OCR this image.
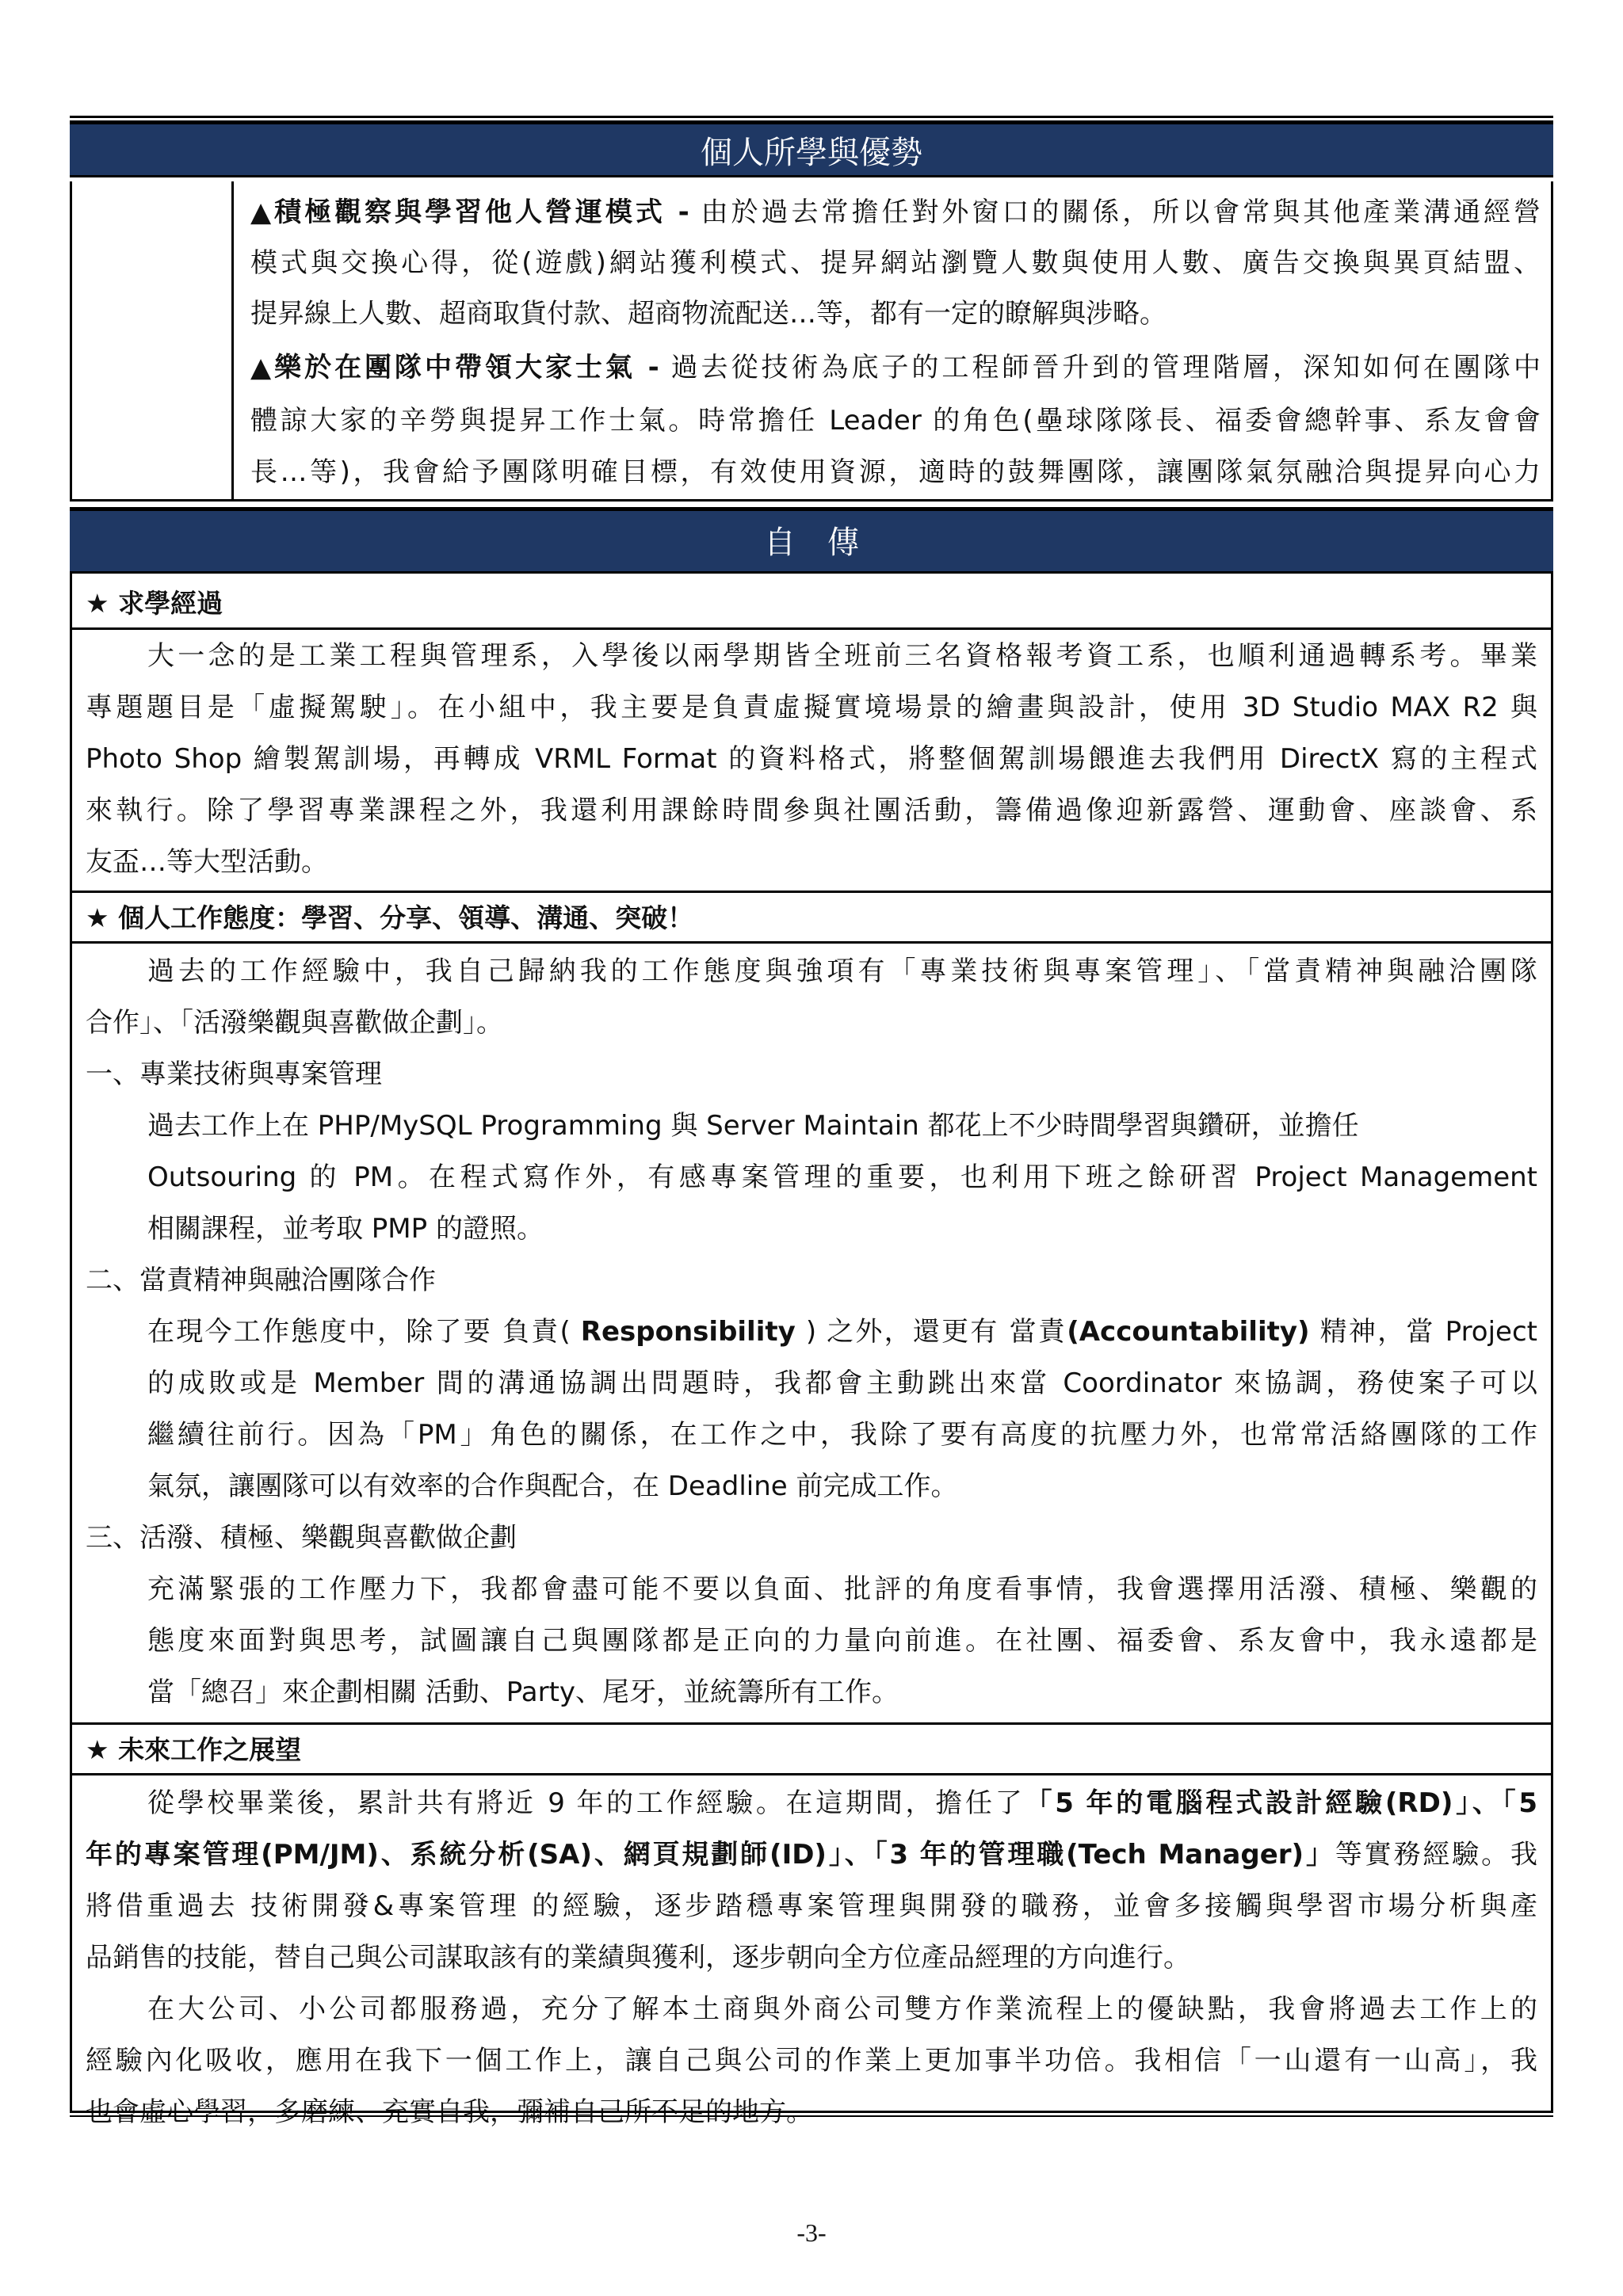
個人所學與優勢
▲積極觀察與學習他人營運模式 - 由於過去常擔任對外窗口的關係，所以會常與其他產業溝通經營
模式與交換心得，從(遊戲)網站獲利模式、提昇網站瀏覽人數與使用人數、廣告交換與異頁結盟、
提昇線上人數、超商取貨付款、超商物流配送…等，都有一定的瞭解與涉略。
▲樂於在團隊中帶領大家士氣 - 過去從技術為底子的工程師晉升到的管理階層，深知如何在團隊中
體諒大家的辛勞與提昇工作士氣。時常擔任 Leader 的角色(壘球隊隊長、福委會總幹事、系友會會
長…等)，我會給予團隊明確目標，有效使用資源，適時的鼓舞團隊，讓團隊氣氛融洽與提昇向心力
自　傳
★ 求學經過
大一念的是工業工程與管理系，入學後以兩學期皆全班前三名資格報考資工系，也順利通過轉系考。畢業
專題題目是「虛擬駕駛」。在小組中，我主要是負責虛擬實境場景的繪畫與設計，使用 3D Studio MAX R2 與
Photo Shop 繪製駕訓場，再轉成 VRML Format 的資料格式，將整個駕訓場餵進去我們用 DirectX 寫的主程式
來執行。除了學習專業課程之外，我還利用課餘時間參與社團活動，籌備過像迎新露營、運動會、座談會、系
友盃…等大型活動。
★ 個人工作態度：學習、分享、領導、溝通、突破！
過去的工作經驗中，我自己歸納我的工作態度與強項有「專業技術與專案管理」、「當責精神與融洽團隊
合作」、「活潑樂觀與喜歡做企劃」。
一、專業技術與專案管理
過去工作上在 PHP/MySQL Programming 與 Server Maintain 都花上不少時間學習與鑽研，並擔任
Outsouring 的 PM。在程式寫作外，有感專案管理的重要，也利用下班之餘研習 Project Management
相關課程，並考取 PMP 的證照。
二、當責精神與融洽團隊合作
在現今工作態度中，除了要 負責( Responsibility ) 之外，還更有 當責(Accountability) 精神，當 Project
的成敗或是 Member 間的溝通協調出問題時，我都會主動跳出來當 Coordinator 來協調，務使案子可以
繼續往前行。因為「PM」角色的關係，在工作之中，我除了要有高度的抗壓力外，也常常活絡團隊的工作
氣氛，讓團隊可以有效率的合作與配合，在 Deadline 前完成工作。
三、活潑、積極、樂觀與喜歡做企劃
充滿緊張的工作壓力下，我都會盡可能不要以負面、批評的角度看事情，我會選擇用活潑、積極、樂觀的
態度來面對與思考，試圖讓自己與團隊都是正向的力量向前進。在社團、福委會、系友會中，我永遠都是
當「總召」來企劃相關 活動、Party、尾牙，並統籌所有工作。
★ 未來工作之展望
從學校畢業後，累計共有將近 9 年的工作經驗。在這期間，擔任了「5 年的電腦程式設計經驗(RD)」、「5
年的專案管理(PM/JM)、系統分析(SA)、網頁規劃師(ID)」、「3 年的管理職(Tech Manager)」等實務經驗。我
將借重過去 技術開發&專案管理 的經驗，逐步踏穩專案管理與開發的職務，並會多接觸與學習市場分析與產
品銷售的技能，替自己與公司謀取該有的業績與獲利，逐步朝向全方位產品經理的方向進行。
在大公司、小公司都服務過，充分了解本土商與外商公司雙方作業流程上的優缺點，我會將過去工作上的
經驗內化吸收，應用在我下一個工作上，讓自己與公司的作業上更加事半功倍。我相信「一山還有一山高」，我
-3-
